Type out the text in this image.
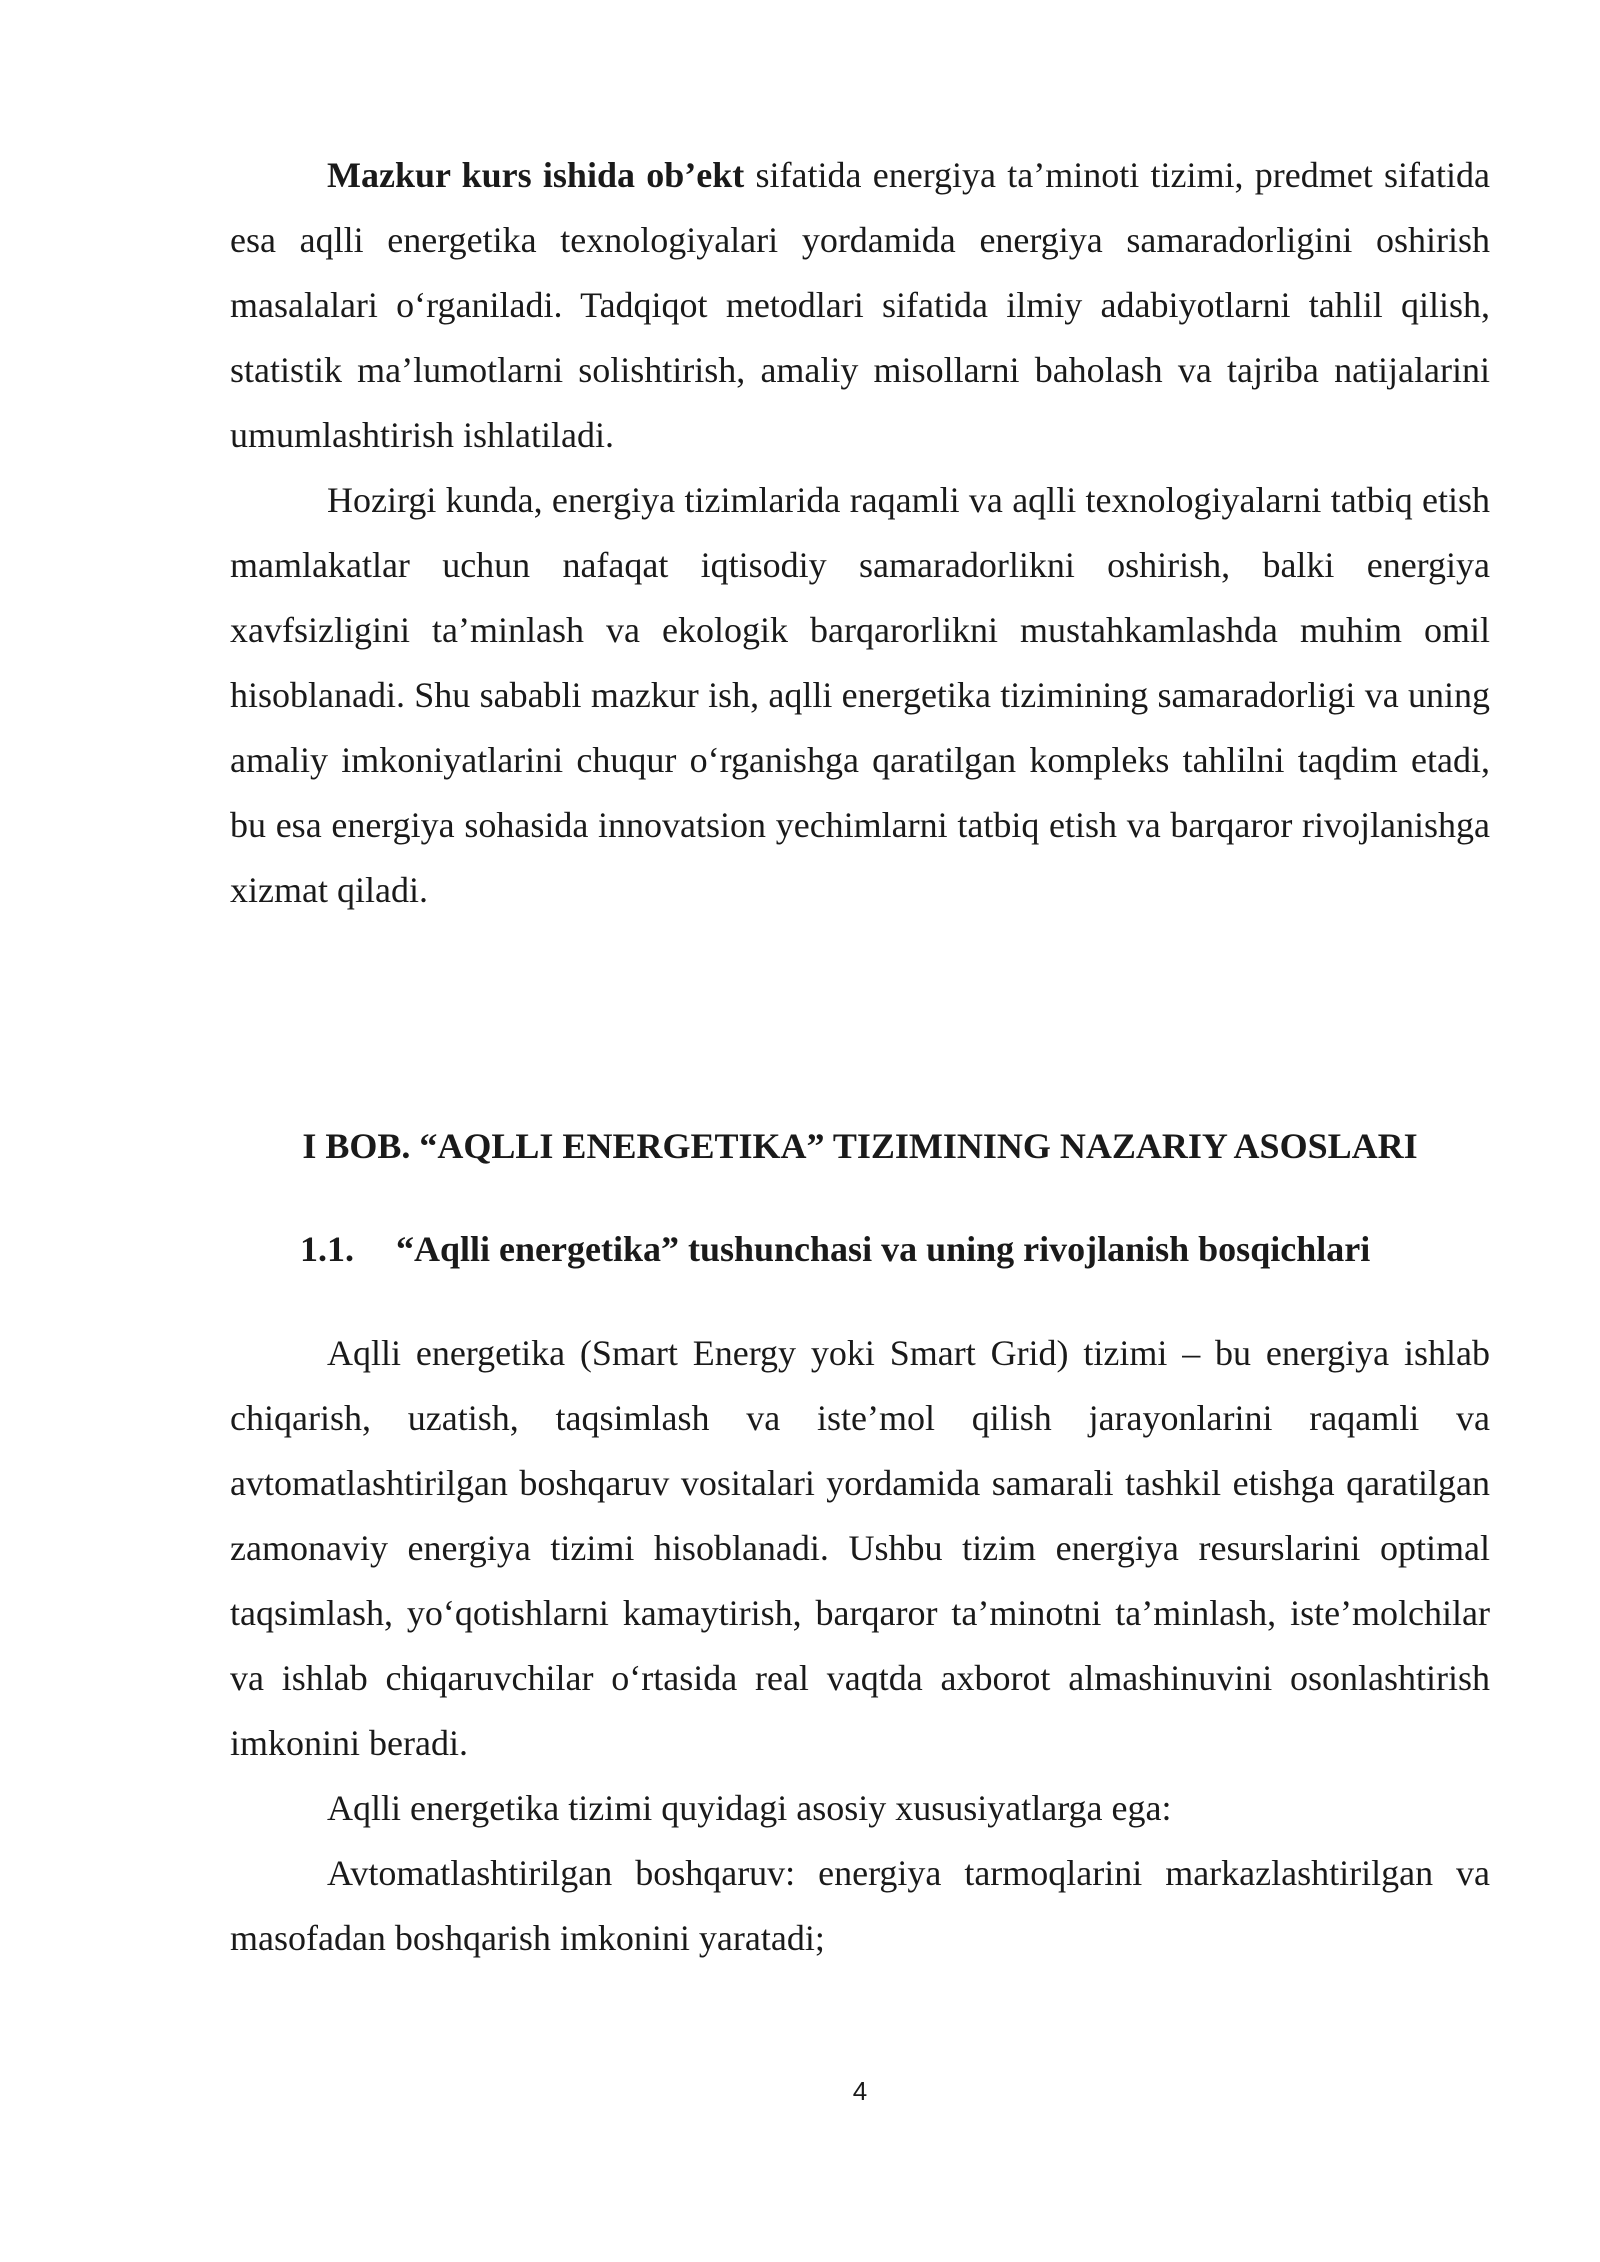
Mazkur kurs ishida ob’ekt sifatida energiya ta’minoti tizimi, predmet sifatida esa aqlli energetika texnologiyalari yordamida energiya samaradorligini oshirish masalalari o‘rganiladi. Tadqiqot metodlari sifatida ilmiy adabiyotlarni tahlil qilish, statistik ma’lumotlarni solishtirish, amaliy misollarni baholash va tajriba natijalarini umumlashtirish ishlatiladi.

Hozirgi kunda, energiya tizimlarida raqamli va aqlli texnologiyalarni tatbiq etish mamlakatlar uchun nafaqat iqtisodiy samaradorlikni oshirish, balki energiya xavfsizligini ta’minlash va ekologik barqarorlikni mustahkamlashda muhim omil hisoblanadi. Shu sababli mazkur ish, aqlli energetika tizimining samaradorligi va uning amaliy imkoniyatlarini chuqur o‘rganishga qaratilgan kompleks tahlilni taqdim etadi, bu esa energiya sohasida innovatsion yechimlarni tatbiq etish va barqaror rivojlanishga xizmat qiladi.

I BOB. “AQLLI ENERGETIKA” TIZIMINING NAZARIY ASOSLARI
1.1. “Aqlli energetika” tushunchasi va uning rivojlanish bosqichlari

Aqlli energetika (Smart Energy yoki Smart Grid) tizimi – bu energiya ishlab chiqarish, uzatish, taqsimlash va iste’mol qilish jarayonlarini raqamli va avtomatlashtirilgan boshqaruv vositalari yordamida samarali tashkil etishga qaratilgan zamonaviy energiya tizimi hisoblanadi. Ushbu tizim energiya resurslarini optimal taqsimlash, yo‘qotishlarni kamaytirish, barqaror ta’minotni ta’minlash, iste’molchilar va ishlab chiqaruvchilar o‘rtasida real vaqtda axborot almashinuvini osonlashtirish imkonini beradi.

Aqlli energetika tizimi quyidagi asosiy xususiyatlarga ega:

Avtomatlashtirilgan boshqaruv: energiya tarmoqlarini markazlashtirilgan va masofadan boshqarish imkonini yaratadi;

4
